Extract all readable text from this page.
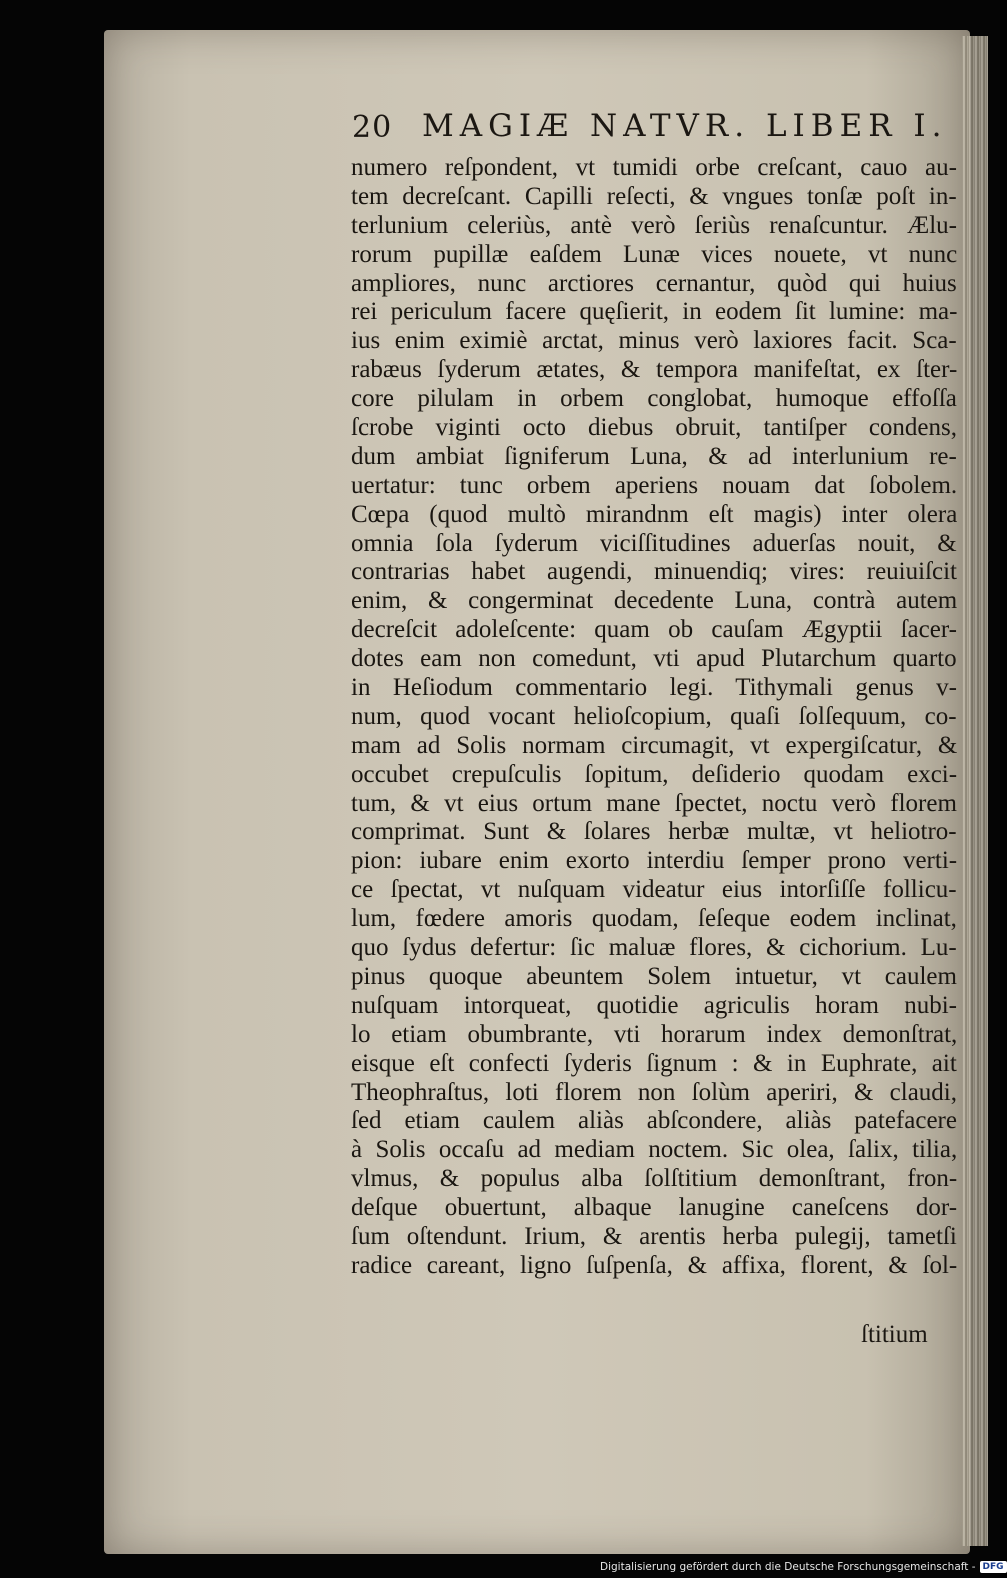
20 MAGIÆ NATVR. LIBER I.
numero reſpondent, vt tumidi orbe creſcant, cauo au-
tem decreſcant. Capilli reſecti, & vngues tonſæ poſt in-
terlunium celeriùs, antè verò ſeriùs renaſcuntur. Ælu-
rorum pupillæ eaſdem Lunæ vices nouete, vt nunc
ampliores, nunc arctiores cernantur, quòd qui huius
rei periculum facere quęſierit, in eodem ſit lumine: ma-
ius enim eximiè arctat, minus verò laxiores facit. Sca-
rabæus ſyderum ætates, & tempora manifeſtat, ex ſter-
core pilulam in orbem conglobat, humoque effoſſa
ſcrobe viginti octo diebus obruit, tantiſper condens,
dum ambiat ſigniferum Luna, & ad interlunium re-
uertatur: tunc orbem aperiens nouam dat ſobolem.
Cœpa (quod multò mirandnm eſt magis) inter olera
omnia ſola ſyderum viciſſitudines aduerſas nouit, &
contrarias habet augendi, minuendiq; vires: reuiuiſcit
enim, & congerminat decedente Luna, contrà autem
decreſcit adoleſcente: quam ob cauſam Ægyptii ſacer-
dotes eam non comedunt, vti apud Plutarchum quarto
in Heſiodum commentario legi. Tithymali genus v-
num, quod vocant helioſcopium, quaſi ſolſequum, co-
mam ad Solis normam circumagit, vt expergiſcatur, &
occubet crepuſculis ſopitum, deſiderio quodam exci-
tum, & vt eius ortum mane ſpectet, noctu verò florem
comprimat. Sunt & ſolares herbæ multæ, vt heliotro-
pion: iubare enim exorto interdiu ſemper prono verti-
ce ſpectat, vt nuſquam videatur eius intorſiſſe follicu-
lum, fœdere amoris quodam, ſeſeque eodem inclinat,
quo ſydus defertur: ſic maluæ flores, & cichorium. Lu-
pinus quoque abeuntem Solem intuetur, vt caulem
nuſquam intorqueat, quotidie agriculis horam nubi-
lo etiam obumbrante, vti horarum index demonſtrat,
eisque eſt confecti ſyderis ſignum : & in Euphrate, ait
Theophraſtus, loti florem non ſolùm aperiri, & claudi,
ſed etiam caulem aliàs abſcondere, aliàs patefacere
à Solis occaſu ad mediam noctem. Sic olea, ſalix, tilia,
vlmus, & populus alba ſolſtitium demonſtrant, fron-
deſque obuertunt, albaque lanugine caneſcens dor-
ſum oſtendunt. Irium, & arentis herba pulegij, tametſi
radice careant, ligno ſuſpenſa, & affixa, florent, & ſol-
ſtitium
Digitalisierung gefördert durch die Deutsche Forschungsgemeinschaft - DFG
